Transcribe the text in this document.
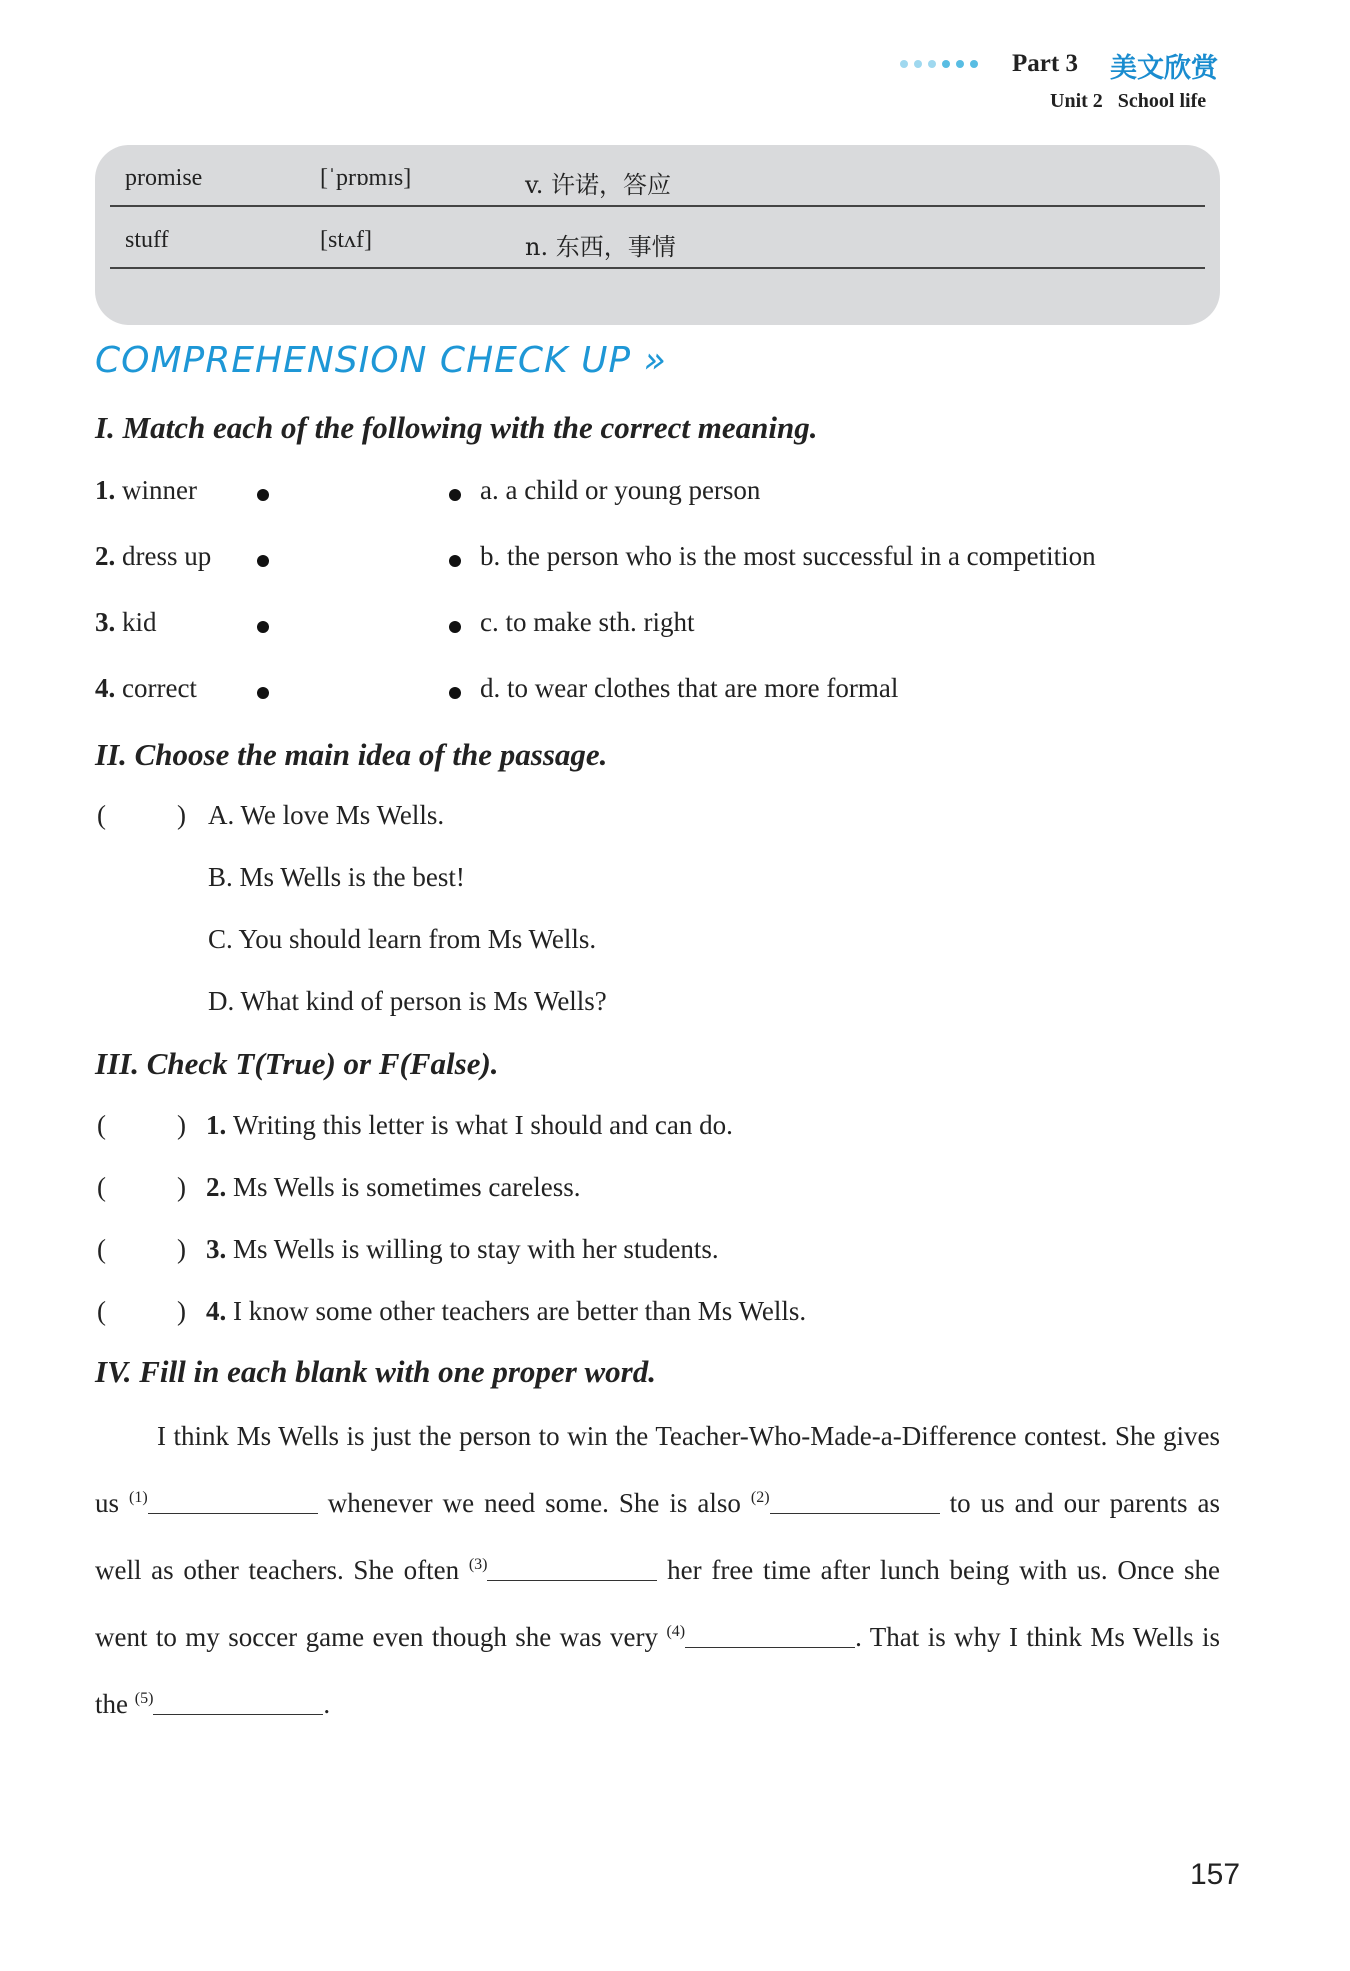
Part 3 美文欣赏
Unit 2 School life
promise	[ˈprɒmɪs]	v. 许诺，答应
stuff	[stʌf]	n. 东西，事情
COMPREHENSION CHECK UP »
I. Match each of the following with the correct meaning.
1. winner
2. dress up
3. kid
4. correct
a. a child or young person
b. the person who is the most successful in a competition
c. to make sth. right
d. to wear clothes that are more formal
II. Choose the main idea of the passage.
(	) A. We love Ms Wells.
B. Ms Wells is the best!
C. You should learn from Ms Wells.
D. What kind of person is Ms Wells?
III. Check T(True) or F(False).
(	) 1. Writing this letter is what I should and can do.
(	) 2. Ms Wells is sometimes careless.
(	) 3. Ms Wells is willing to stay with her students.
(	) 4. I know some other teachers are better than Ms Wells.
IV. Fill in each blank with one proper word.

I think Ms Wells is just the person to win the Teacher-Who-Made-a-Difference contest. She gives us $^{(1)}$	whenever we need some. She is also $^{(2)}$	to us and our parents as well as other teachers. She often $^{(3)}$	her free time after lunch being with us. Once she went to my soccer game even though she was very $^{(4)}$	. That is why I think Ms Wells is the $^{(5)}$	.

157
